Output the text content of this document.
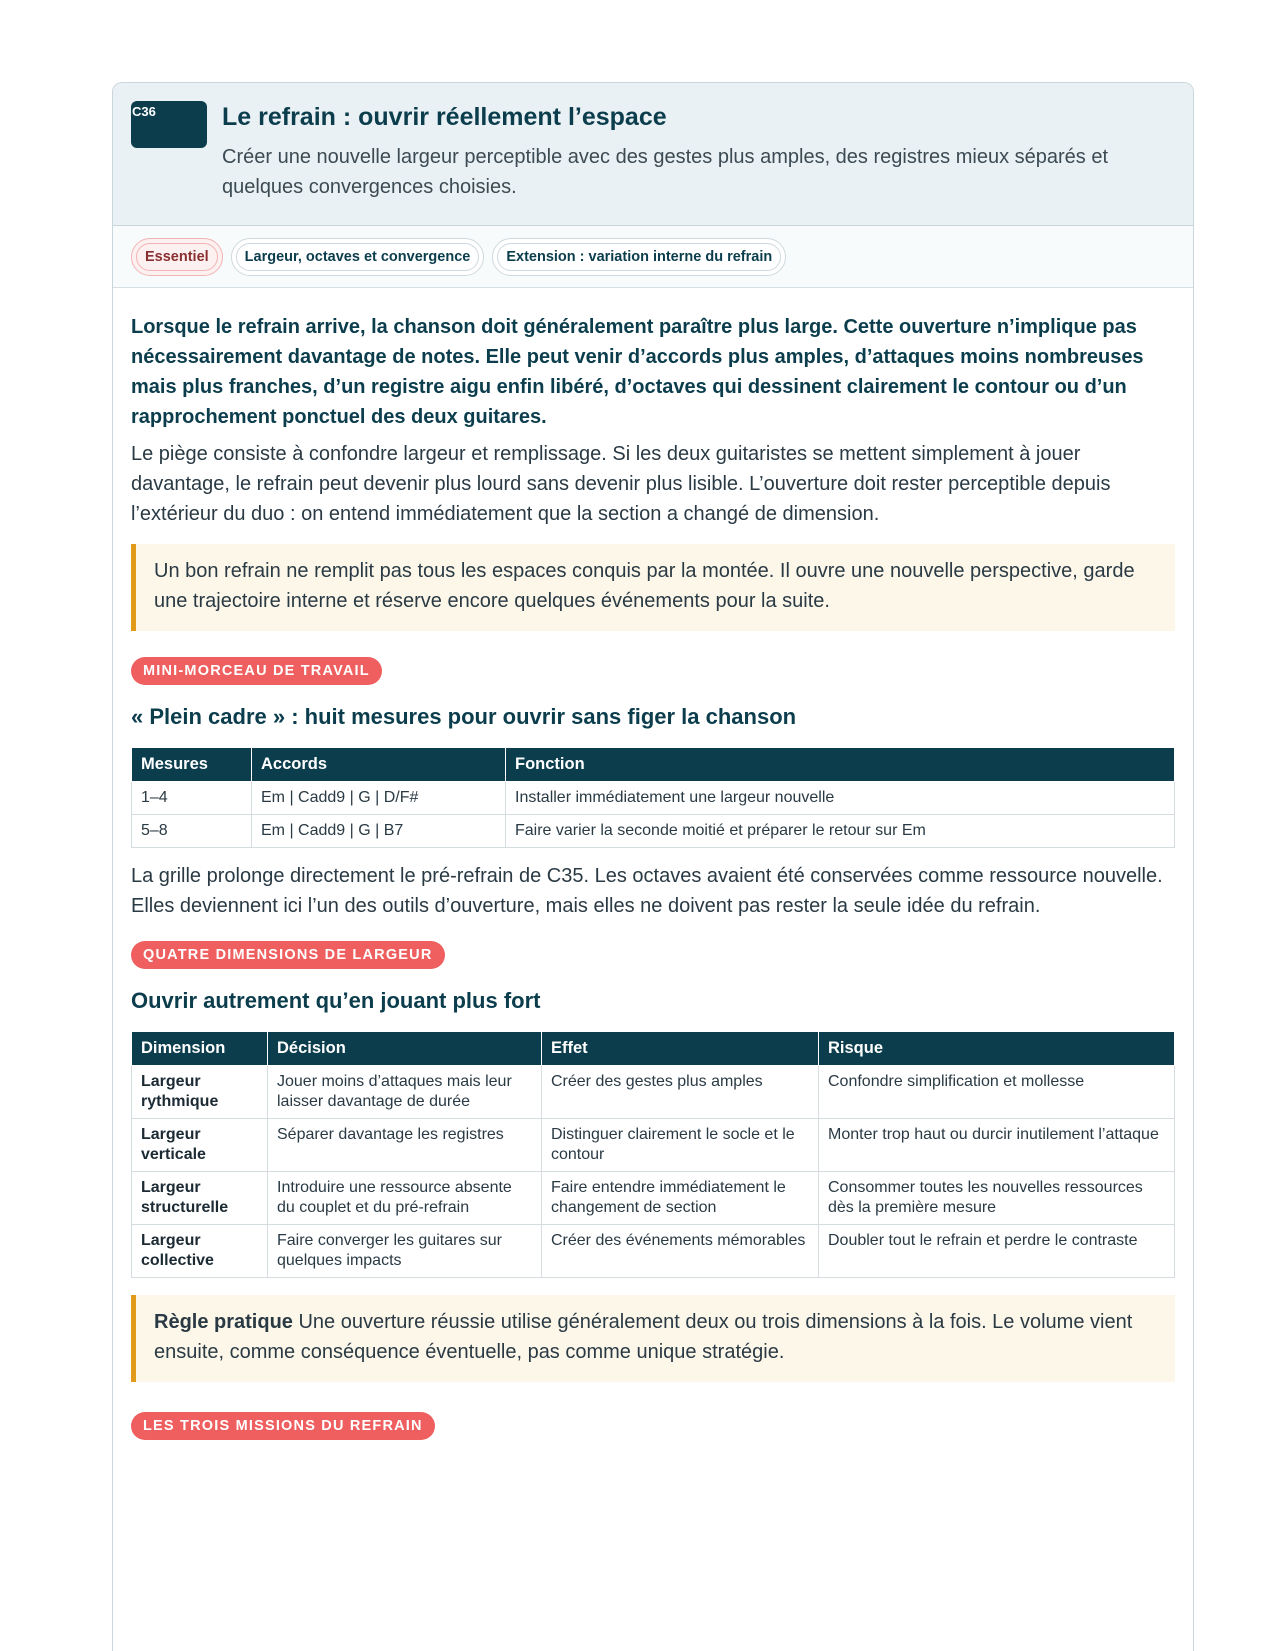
C36	Le refrain : ouvrir réellement l’espace

Créer une nouvelle largeur perceptible avec des gestes plus amples, des registres mieux séparés et quelques convergences choisies.

Essentiel	Largeur, octaves et convergence	Extension : variation interne du refrain

Lorsque le refrain arrive, la chanson doit généralement paraître plus large. Cette ouverture n’implique pas nécessairement davantage de notes. Elle peut venir d’accords plus amples, d’attaques moins nombreuses mais plus franches, d’un registre aigu enfin libéré, d’octaves qui dessinent clairement le contour ou d’un rapprochement ponctuel des deux guitares.

Le piège consiste à confondre largeur et remplissage. Si les deux guitaristes se mettent simplement à jouer davantage, le refrain peut devenir plus lourd sans devenir plus lisible. L’ouverture doit rester perceptible depuis l’extérieur du duo : on entend immédiatement que la section a changé de dimension.

Un bon refrain ne remplit pas tous les espaces conquis par la montée. Il ouvre une nouvelle perspective, garde une trajectoire interne et réserve encore quelques événements pour la suite.
MINI-MORCEAU DE TRAVAIL
« Plein cadre » : huit mesures pour ouvrir sans figer la chanson
Mesures	Accords	Fonction
1–4	Em | Cadd9 | G | D/F#	Installer immédiatement une largeur nouvelle
5–8	Em | Cadd9 | G | B7	Faire varier la seconde moitié et préparer le retour sur Em

La grille prolonge directement le pré-refrain de C35. Les octaves avaient été conservées comme ressource nouvelle. Elles deviennent ici l’un des outils d’ouverture, mais elles ne doivent pas rester la seule idée du refrain.

QUATRE DIMENSIONS DE LARGEUR
Ouvrir autrement qu’en jouant plus fort
Dimension	Décision	Effet	Risque
Largeur rythmique	Jouer moins d’attaques mais leur laisser davantage de durée	Créer des gestes plus amples	Confondre simplification et mollesse
Largeur verticale	Séparer davantage les registres	Distinguer clairement le socle et le contour	Monter trop haut ou durcir inutilement l’attaque
Largeur structurelle	Introduire une ressource absente du couplet et du pré-refrain	Faire entendre immédiatement le changement de section	Consommer toutes les nouvelles ressources dès la première mesure
Largeur collective	Faire converger les guitares sur quelques impacts	Créer des événements mémorables	Doubler tout le refrain et perdre le contraste
Règle pratique Une ouverture réussie utilise généralement deux ou trois dimensions à la fois. Le volume vient ensuite, comme conséquence éventuelle, pas comme unique stratégie.
LES TROIS MISSIONS DU REFRAIN
